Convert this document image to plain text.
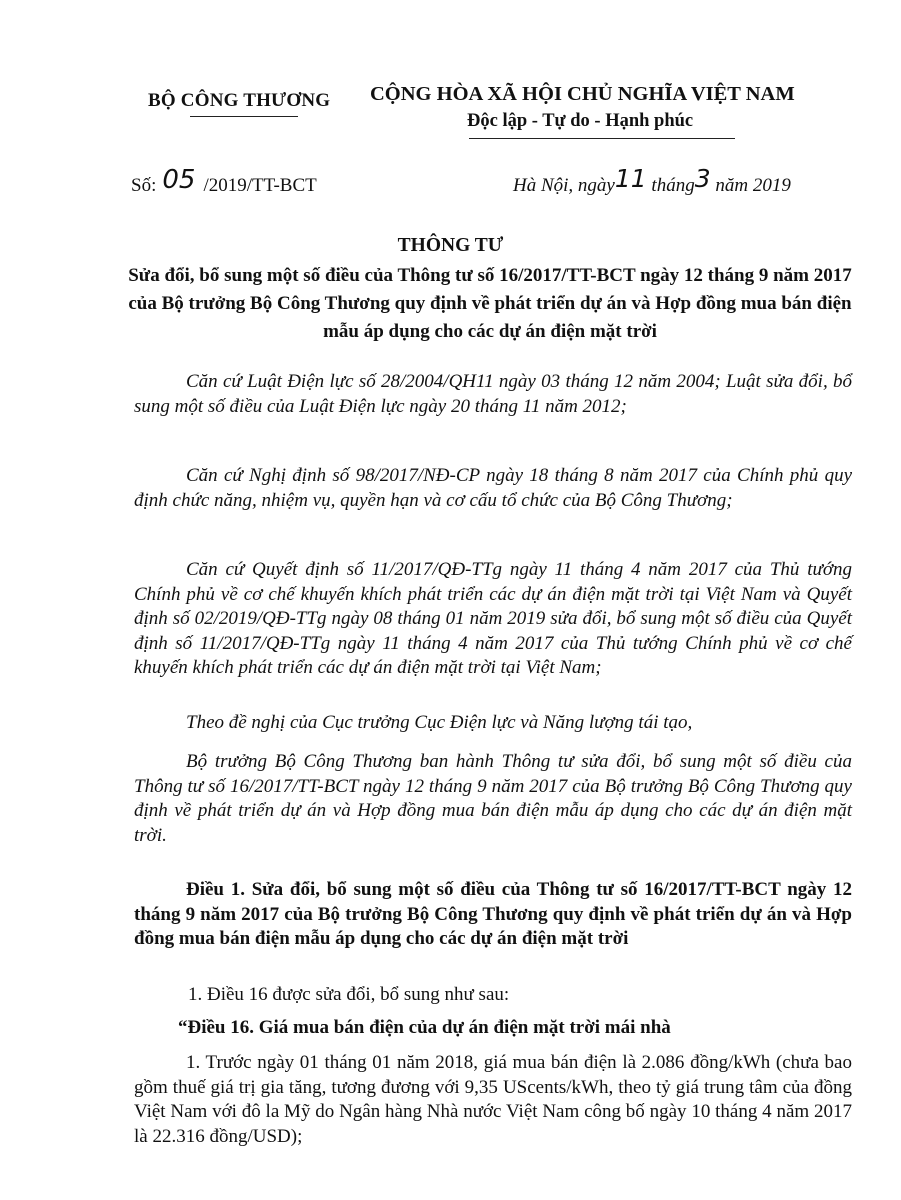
BỘ CÔNG THƯƠNG CỘNG HÒA XÃ HỘI CHỦ NGHĨA VIỆT NAM
Độc lập - Tự do - Hạnh phúc
Số: 05 /2019/TT-BCT	Hà Nội, ngày11 tháng3 năm 2019
THÔNG TƯ
Sửa đổi, bổ sung một số điều của Thông tư số 16/2017/TT-BCT ngày 12 tháng 9 năm 2017 của Bộ trưởng Bộ Công Thương quy định về phát triển dự án và Hợp đồng mua bán điện mẫu áp dụng cho các dự án điện mặt trời
Căn cứ Luật Điện lực số 28/2004/QH11 ngày 03 tháng 12 năm 2004; Luật sửa đổi, bổ sung một số điều của Luật Điện lực ngày 20 tháng 11 năm 2012;
Căn cứ Nghị định số 98/2017/NĐ-CP ngày 18 tháng 8 năm 2017 của Chính phủ quy định chức năng, nhiệm vụ, quyền hạn và cơ cấu tổ chức của Bộ Công Thương;
Căn cứ Quyết định số 11/2017/QĐ-TTg ngày 11 tháng 4 năm 2017 của Thủ tướng Chính phủ về cơ chế khuyến khích phát triển các dự án điện mặt trời tại Việt Nam và Quyết định số 02/2019/QĐ-TTg ngày 08 tháng 01 năm 2019 sửa đổi, bổ sung một số điều của Quyết định số 11/2017/QĐ-TTg ngày 11 tháng 4 năm 2017 của Thủ tướng Chính phủ về cơ chế khuyến khích phát triển các dự án điện mặt trời tại Việt Nam;
Theo đề nghị của Cục trưởng Cục Điện lực và Năng lượng tái tạo,
Bộ trưởng Bộ Công Thương ban hành Thông tư sửa đổi, bổ sung một số điều của Thông tư số 16/2017/TT-BCT ngày 12 tháng 9 năm 2017 của Bộ trưởng Bộ Công Thương quy định về phát triển dự án và Hợp đồng mua bán điện mẫu áp dụng cho các dự án điện mặt trời.
Điều 1. Sửa đổi, bổ sung một số điều của Thông tư số 16/2017/TT-BCT ngày 12 tháng 9 năm 2017 của Bộ trưởng Bộ Công Thương quy định về phát triển dự án và Hợp đồng mua bán điện mẫu áp dụng cho các dự án điện mặt trời
1. Điều 16 được sửa đổi, bổ sung như sau:
“Điều 16. Giá mua bán điện của dự án điện mặt trời mái nhà
1. Trước ngày 01 tháng 01 năm 2018, giá mua bán điện là 2.086 đồng/kWh (chưa bao gồm thuế giá trị gia tăng, tương đương với 9,35 UScents/kWh, theo tỷ giá trung tâm của đồng Việt Nam với đô la Mỹ do Ngân hàng Nhà nước Việt Nam công bố ngày 10 tháng 4 năm 2017 là 22.316 đồng/USD);
